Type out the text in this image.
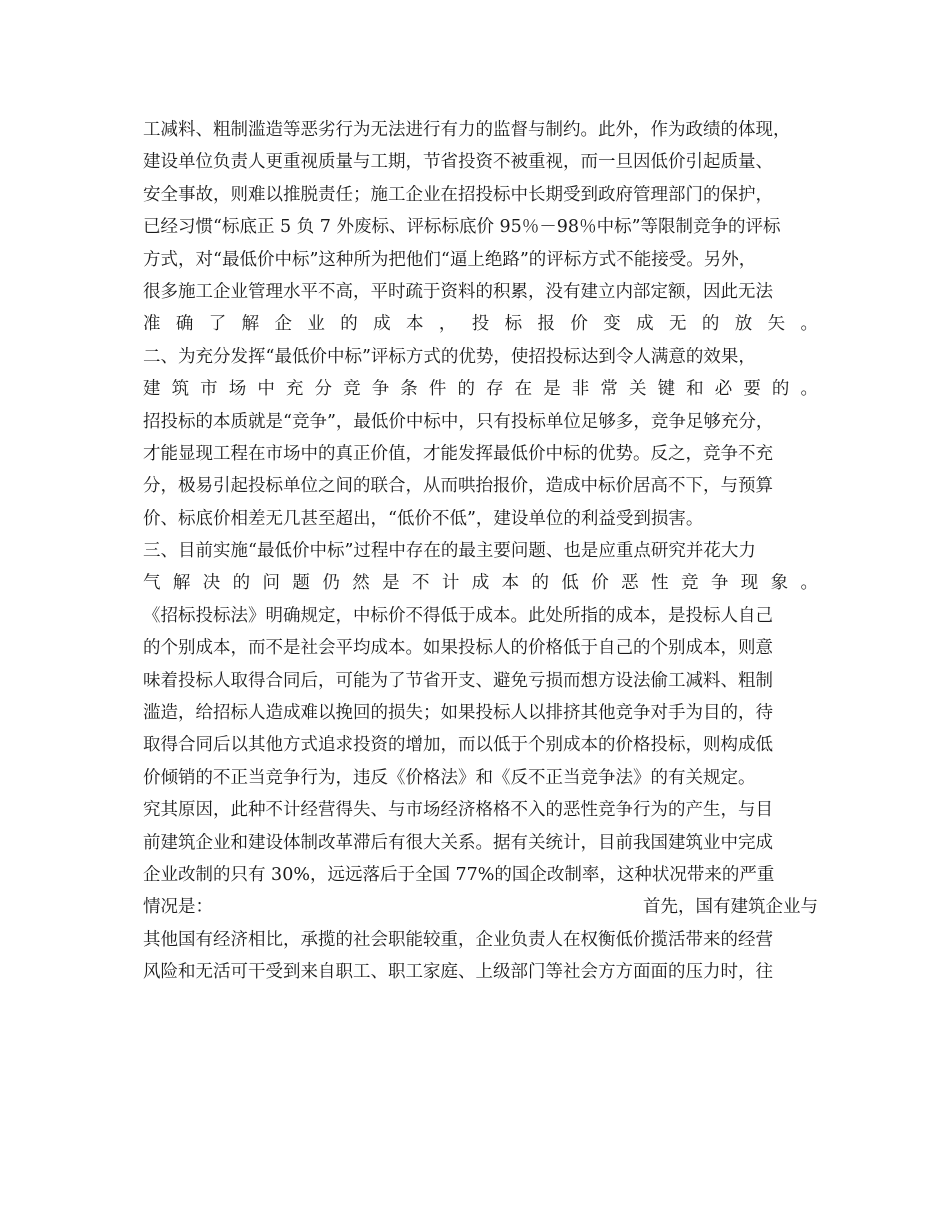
工减料、粗制滥造等恶劣行为无法进行有力的监督与制约。此外，作为政绩的体现，
建设单位负责人更重视质量与工期，节省投资不被重视，而一旦因低价引起质量、
安全事故，则难以推脱责任；施工企业在招投标中长期受到政府管理部门的保护，
已经习惯“标底正 5 负 7 外废标、评标标底价 95％－98％中标”等限制竞争的评标
方式，对“最低价中标”这种所为把他们“逼上绝路”的评标方式不能接受。另外，
很多施工企业管理水平不高，平时疏于资料的积累，没有建立内部定额，因此无法
准确了解企业的成本，投标报价变成无的放矢。
二、为充分发挥“最低价中标”评标方式的优势，使招投标达到令人满意的效果，
建筑市场中充分竞争条件的存在是非常关键和必要的。
招投标的本质就是“竞争”，最低价中标中，只有投标单位足够多，竞争足够充分，
才能显现工程在市场中的真正价值，才能发挥最低价中标的优势。反之，竞争不充
分，极易引起投标单位之间的联合，从而哄抬报价，造成中标价居高不下，与预算
价、标底价相差无几甚至超出，“低价不低”，建设单位的利益受到损害。
三、目前实施“最低价中标”过程中存在的最主要问题、也是应重点研究并花大力
气解决的问题仍然是不计成本的低价恶性竞争现象。
《招标投标法》明确规定，中标价不得低于成本。此处所指的成本，是投标人自己
的个别成本，而不是社会平均成本。如果投标人的价格低于自己的个别成本，则意
味着投标人取得合同后，可能为了节省开支、避免亏损而想方设法偷工减料、粗制
滥造，给招标人造成难以挽回的损失；如果投标人以排挤其他竞争对手为目的，待
取得合同后以其他方式追求投资的增加，而以低于个别成本的价格投标，则构成低
价倾销的不正当竞争行为，违反《价格法》和《反不正当竞争法》的有关规定。
究其原因，此种不计经营得失、与市场经济格格不入的恶性竞争行为的产生，与目
前建筑企业和建设体制改革滞后有很大关系。据有关统计，目前我国建筑业中完成
企业改制的只有 30%，远远落后于全国 77%的国企改制率，这种状况带来的严重
情况是：	首先，国有建筑企业与
其他国有经济相比，承揽的社会职能较重，企业负责人在权衡低价揽活带来的经营
风险和无活可干受到来自职工、职工家庭、上级部门等社会方方面面的压力时，往
